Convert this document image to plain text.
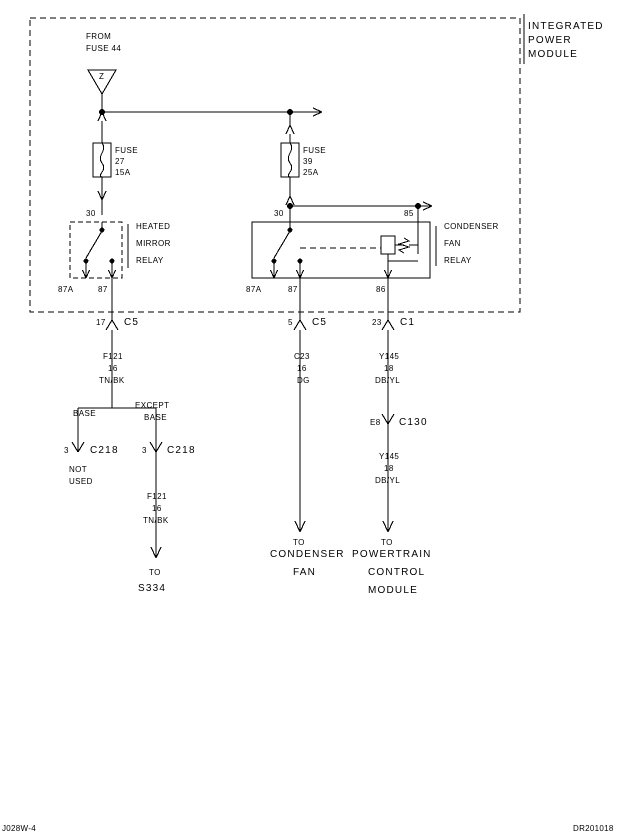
INTEGRATED
POWER
MODULE
FROM
FUSE 44
Z
FUSE
27
15A
FUSE
39
25A
30
87A	87
HEATED
MIRROR
RELAY
30	85
87A	87	86
CONDENSER
FAN
RELAY
17 C5	5 C5	23 C1
F121
16
TN/BK
C23
16
DG
Y145
18
DB/YL
BASE
EXCEPT
BASE
3 C218	3 C218
NOT
USED
F121
16
TN/BK
E8 C130
Y145
18
DB/YL
TO
S334
TO
CONDENSER
FAN
TO
POWERTRAIN
CONTROL
MODULE
J028W-4	DR201018
